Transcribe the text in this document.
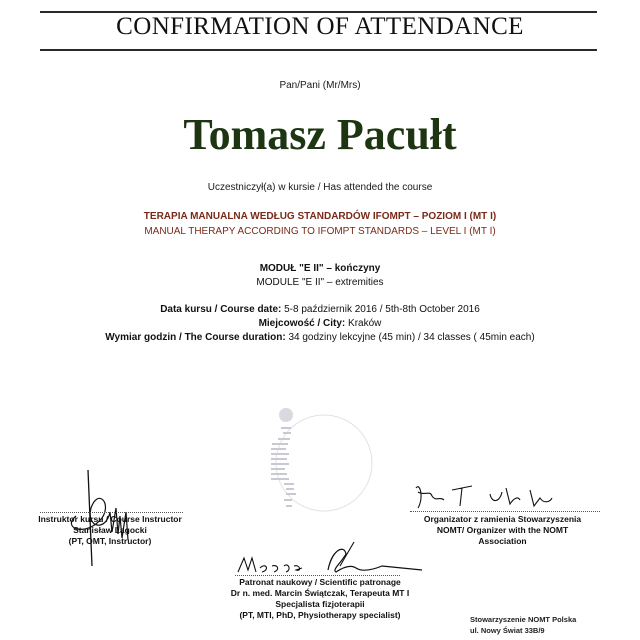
CONFIRMATION OF ATTENDANCE
Pan/Pani (Mr/Mrs)
Tomasz Pacułt
Uczestniczył(a) w kursie / Has attended the course
TERAPIA MANUALNA WEDŁUG STANDARDÓW IFOMPT – POZIOM I (MT I)
MANUAL THERAPY ACCORDING TO IFOMPT STANDARDS – LEVEL I (MT I)
MODUŁ "E II" – kończyny
MODULE "E II" – extremities
Data kursu / Course date: 5-8 październik 2016 / 5th-8th October 2016
Miejcowość / City: Kraków
Wymiar godzin / The Course duration: 34 godziny lekcyjne (45 min) / 34 classes ( 45min each)
Instruktor kursu / Course Instructor
Stanisław Lagocki
(PT, OMT, Instructor)
Organizator z ramienia Stowarzyszenia
NOMT/ Organizer with the NOMT
Association
Patronat naukowy / Scientific patronage
Dr n. med. Marcin Świątczak, Terapeuta MT I
Specjalista fizjoterapii
(PT, MTI, PhD, Physiotherapy specialist)	Stowarzyszenie NOMT Polska
ul. Nowy Świat 33B/9
